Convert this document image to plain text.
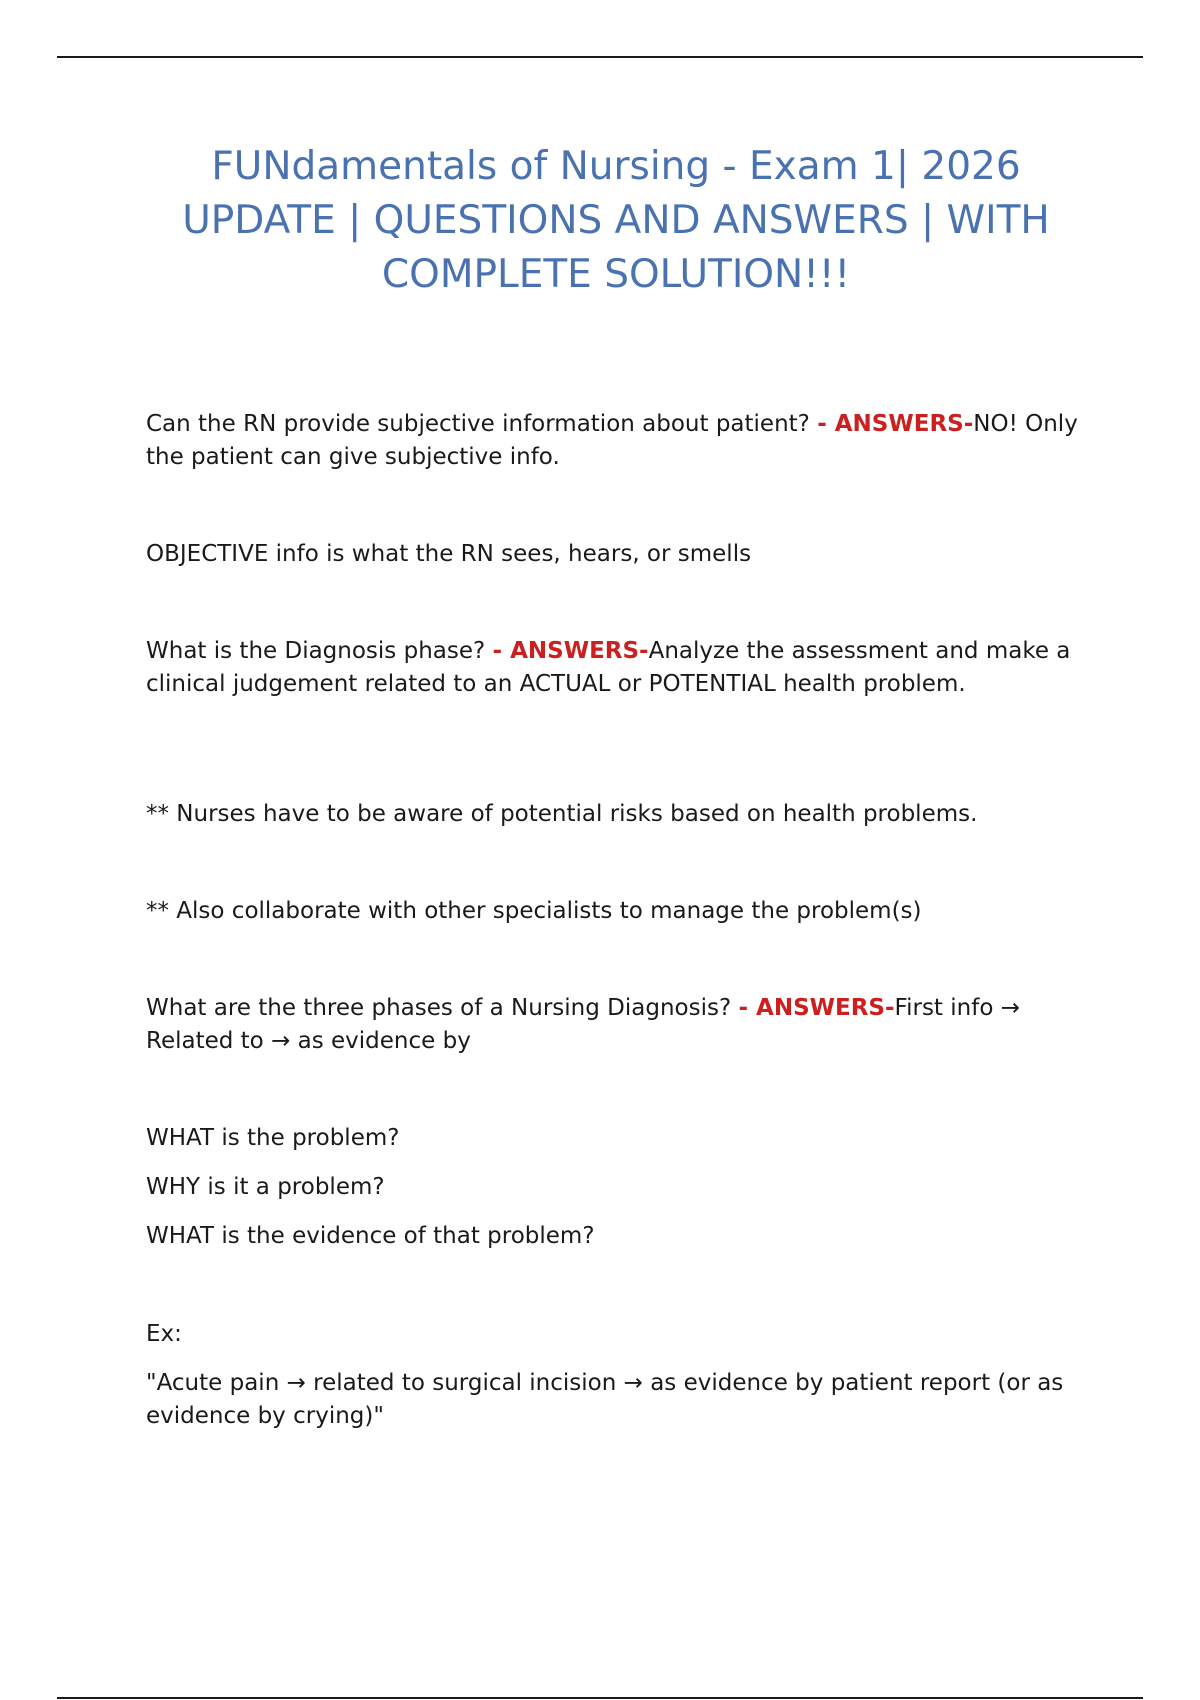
FUNdamentals of Nursing - Exam 1| 2026 UPDATE | QUESTIONS AND ANSWERS | WITH COMPLETE SOLUTION!!!

Can the RN provide subjective information about patient? - ANSWERS-NO! Only the patient can give subjective info.

OBJECTIVE info is what the RN sees, hears, or smells

What is the Diagnosis phase? - ANSWERS-Analyze the assessment and make a clinical judgement related to an ACTUAL or POTENTIAL health problem.

** Nurses have to be aware of potential risks based on health problems.

** Also collaborate with other specialists to manage the problem(s)

What are the three phases of a Nursing Diagnosis? - ANSWERS-First info → Related to → as evidence by

WHAT is the problem?

WHY is it a problem?

WHAT is the evidence of that problem?

Ex:

"Acute pain → related to surgical incision → as evidence by patient report (or as evidence by crying)"
